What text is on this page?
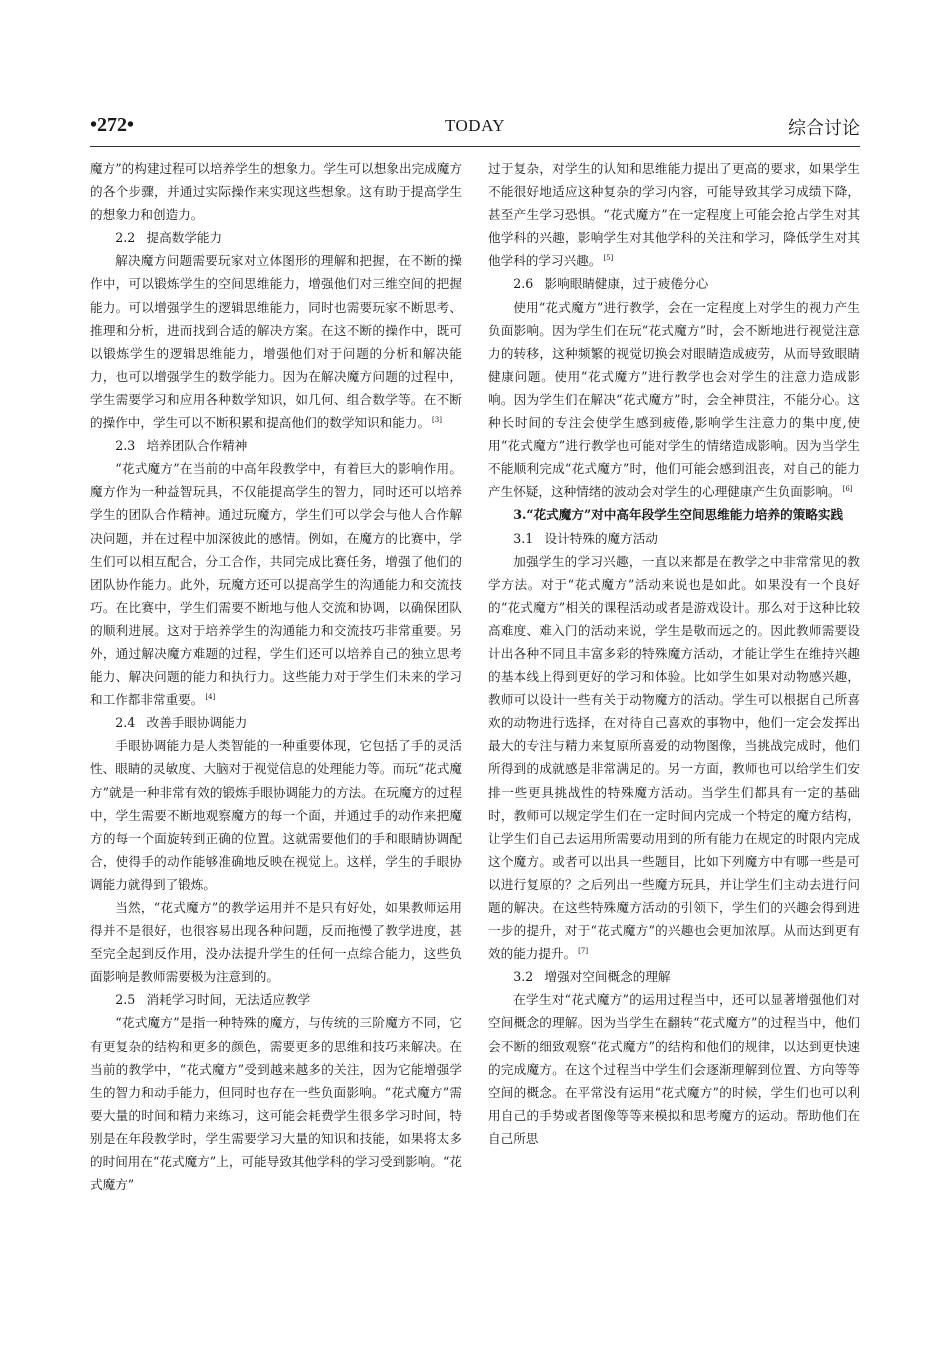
•272•	TODAY	综合讨论

魔方”的构建过程可以培养学生的想象力。学生可以想象出完成魔方的各个步骤，并通过实际操作来实现这些想象。这有助于提高学生的想象力和创造力。

2.2 提高数学能力

解决魔方问题需要玩家对立体图形的理解和把握，在不断的操作中，可以锻炼学生的空间思维能力，增强他们对三维空间的把握能力。可以增强学生的逻辑思维能力，同时也需要玩家不断思考、推理和分析，进而找到合适的解决方案。在这不断的操作中，既可以锻炼学生的逻辑思维能力，增强他们对于问题的分析和解决能力，也可以增强学生的数学能力。因为在解决魔方问题的过程中，学生需要学习和应用各种数学知识，如几何、组合数学等。在不断的操作中，学生可以不断积累和提高他们的数学知识和能力。 [3]

2.3 培养团队合作精神

“花式魔方”在当前的中高年段教学中，有着巨大的影响作用。魔方作为一种益智玩具，不仅能提高学生的智力，同时还可以培养学生的团队合作精神。通过玩魔方，学生们可以学会与他人合作解决问题，并在过程中加深彼此的感情。例如，在魔方的比赛中，学生们可以相互配合，分工合作，共同完成比赛任务，增强了他们的团队协作能力。此外，玩魔方还可以提高学生的沟通能力和交流技巧。在比赛中，学生们需要不断地与他人交流和协调，以确保团队的顺利进展。这对于培养学生的沟通能力和交流技巧非常重要。另外，通过解决魔方难题的过程，学生们还可以培养自己的独立思考能力、解决问题的能力和执行力。这些能力对于学生们未来的学习和工作都非常重要。 [4]

2.4 改善手眼协调能力

手眼协调能力是人类智能的一种重要体现，它包括了手的灵活性、眼睛的灵敏度、大脑对于视觉信息的处理能力等。而玩“花式魔方”就是一种非常有效的锻炼手眼协调能力的方法。在玩魔方的过程中，学生需要不断地观察魔方的每一个面，并通过手的动作来把魔方的每一个面旋转到正确的位置。这就需要他们的手和眼睛协调配合，使得手的动作能够准确地反映在视觉上。这样，学生的手眼协调能力就得到了锻炼。

当然，“花式魔方”的教学运用并不是只有好处，如果教师运用得并不是很好，也很容易出现各种问题，反而拖慢了教学进度，甚至完全起到反作用，没办法提升学生的任何一点综合能力，这些负面影响是教师需要极为注意到的。

2.5 消耗学习时间，无法适应教学

“花式魔方”是指一种特殊的魔方，与传统的三阶魔方不同，它有更复杂的结构和更多的颜色，需要更多的思维和技巧来解决。在当前的教学中，“花式魔方”受到越来越多的关注，因为它能增强学生的智力和动手能力，但同时也存在一些负面影响。“花式魔方”需要大量的时间和精力来练习，这可能会耗费学生很多学习时间，特别是在年段教学时，学生需要学习大量的知识和技能，如果将太多的时间用在“花式魔方”上，可能导致其他学科的学习受到影响。“花式魔方”

过于复杂，对学生的认知和思维能力提出了更高的要求，如果学生不能很好地适应这种复杂的学习内容，可能导致其学习成绩下降，甚至产生学习恐惧。“花式魔方”在一定程度上可能会抢占学生对其他学科的兴趣，影响学生对其他学科的关注和学习，降低学生对其他学科的学习兴趣。 [5]

2.6 影响眼睛健康，过于疲倦分心

使用“花式魔方”进行教学，会在一定程度上对学生的视力产生负面影响。因为学生们在玩“花式魔方”时，会不断地进行视觉注意力的转移，这种频繁的视觉切换会对眼睛造成疲劳，从而导致眼睛健康问题。使用“花式魔方”进行教学也会对学生的注意力造成影响。因为学生们在解决“花式魔方”时，会全神贯注，不能分心。这种长时间的专注会使学生感到疲倦,影响学生注意力的集中度,使用“花式魔方”进行教学也可能对学生的情绪造成影响。因为当学生不能顺利完成“花式魔方”时，他们可能会感到沮丧，对自己的能力产生怀疑，这种情绪的波动会对学生的心理健康产生负面影响。 [6]

3.“花式魔方”对中高年段学生空间思维能力培养的策略实践
3.1 设计特殊的魔方活动

加强学生的学习兴趣，一直以来都是在教学之中非常常见的教学方法。对于“花式魔方”活动来说也是如此。如果没有一个良好的“花式魔方”相关的课程活动或者是游戏设计。那么对于这种比较高难度、难入门的活动来说，学生是敬而远之的。因此教师需要设计出各种不同且丰富多彩的特殊魔方活动，才能让学生在维持兴趣的基本线上得到更好的学习和体验。比如学生如果对动物感兴趣，教师可以设计一些有关于动物魔方的活动。学生可以根据自己所喜欢的动物进行选择，在对待自己喜欢的事物中，他们一定会发挥出最大的专注与精力来复原所喜爱的动物图像，当挑战完成时，他们所得到的成就感是非常满足的。另一方面，教师也可以给学生们安排一些更具挑战性的特殊魔方活动。当学生们都具有一定的基础时，教师可以规定学生们在一定时间内完成一个特定的魔方结构，让学生们自己去运用所需要动用到的所有能力在规定的时限内完成这个魔方。或者可以出具一些题目，比如下列魔方中有哪一些是可以进行复原的？之后列出一些魔方玩具，并让学生们主动去进行问题的解决。在这些特殊魔方活动的引领下，学生们的兴趣会得到进一步的提升，对于“花式魔方”的兴趣也会更加浓厚。从而达到更有效的能力提升。 [7]

3.2 增强对空间概念的理解

在学生对“花式魔方”的运用过程当中，还可以显著增强他们对空间概念的理解。因为当学生在翻转“花式魔方”的过程当中，他们会不断的细致观察“花式魔方”的结构和他们的规律，以达到更快速的完成魔方。在这个过程当中学生们会逐渐理解到位置、方向等等空间的概念。在平常没有运用“花式魔方”的时候，学生们也可以利用自己的手势或者图像等等来模拟和思考魔方的运动。帮助他们在自己所思
